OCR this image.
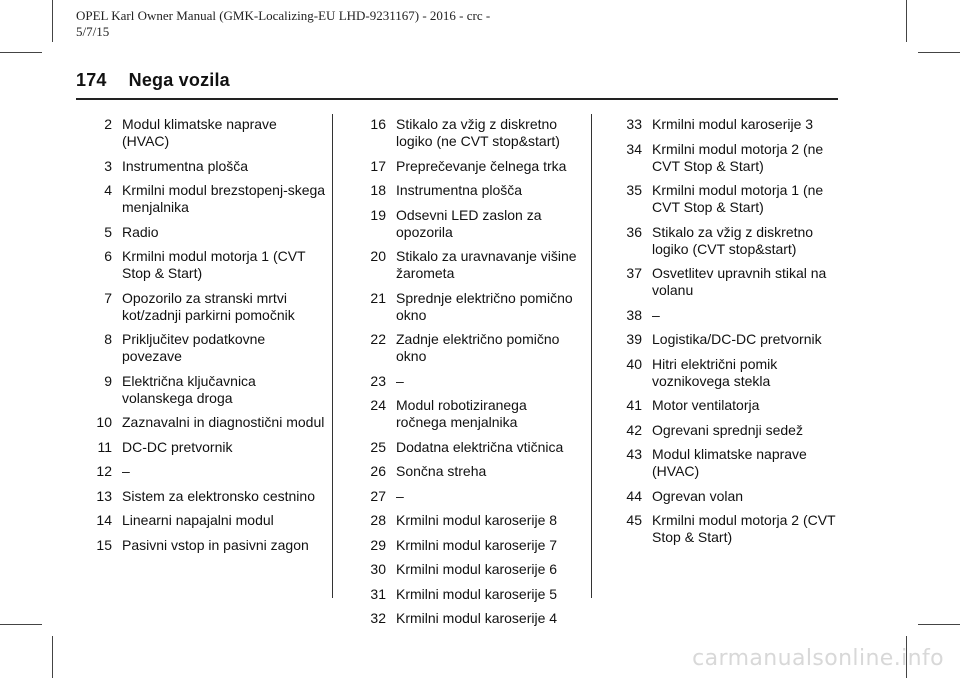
OPEL Karl Owner Manual (GMK-Localizing-EU LHD-9231167) - 2016 - crc -
5/7/15
174 Nega vozila
2 Modul klimatske naprave (HVAC)
3 Instrumentna plošča
4 Krmilni modul brezstopenj-skega menjalnika
5 Radio
6 Krmilni modul motorja 1 (CVT Stop & Start)
7 Opozorilo za stranski mrtvi kot/zadnji parkirni pomočnik
8 Priključitev podatkovne povezave
9 Električna ključavnica volanskega droga
10 Zaznavalni in diagnostični modul
11 DC-DC pretvornik
12 –
13 Sistem za elektronsko cestnino
14 Linearni napajalni modul
15 Pasivni vstop in pasivni zagon
16 Stikalo za vžig z diskretno logiko (ne CVT stop&start)
17 Preprečevanje čelnega trka
18 Instrumentna plošča
19 Odsevni LED zaslon za opozorila
20 Stikalo za uravnavanje višine žarometa
21 Sprednje električno pomično okno
22 Zadnje električno pomično okno
23 –
24 Modul robotiziranega ročnega menjalnika
25 Dodatna električna vtičnica
26 Sončna streha
27 –
28 Krmilni modul karoserije 8
29 Krmilni modul karoserije 7
30 Krmilni modul karoserije 6
31 Krmilni modul karoserije 5
32 Krmilni modul karoserije 4
33 Krmilni modul karoserije 3
34 Krmilni modul motorja 2 (ne CVT Stop & Start)
35 Krmilni modul motorja 1 (ne CVT Stop & Start)
36 Stikalo za vžig z diskretno logiko (CVT stop&start)
37 Osvetlitev upravnih stikal na volanu
38 –
39 Logistika/DC-DC pretvornik
40 Hitri električni pomik voznikovega stekla
41 Motor ventilatorja
42 Ogrevani sprednji sedež
43 Modul klimatske naprave (HVAC)
44 Ogrevan volan
45 Krmilni modul motorja 2 (CVT Stop & Start)
carmanualsonline.info
